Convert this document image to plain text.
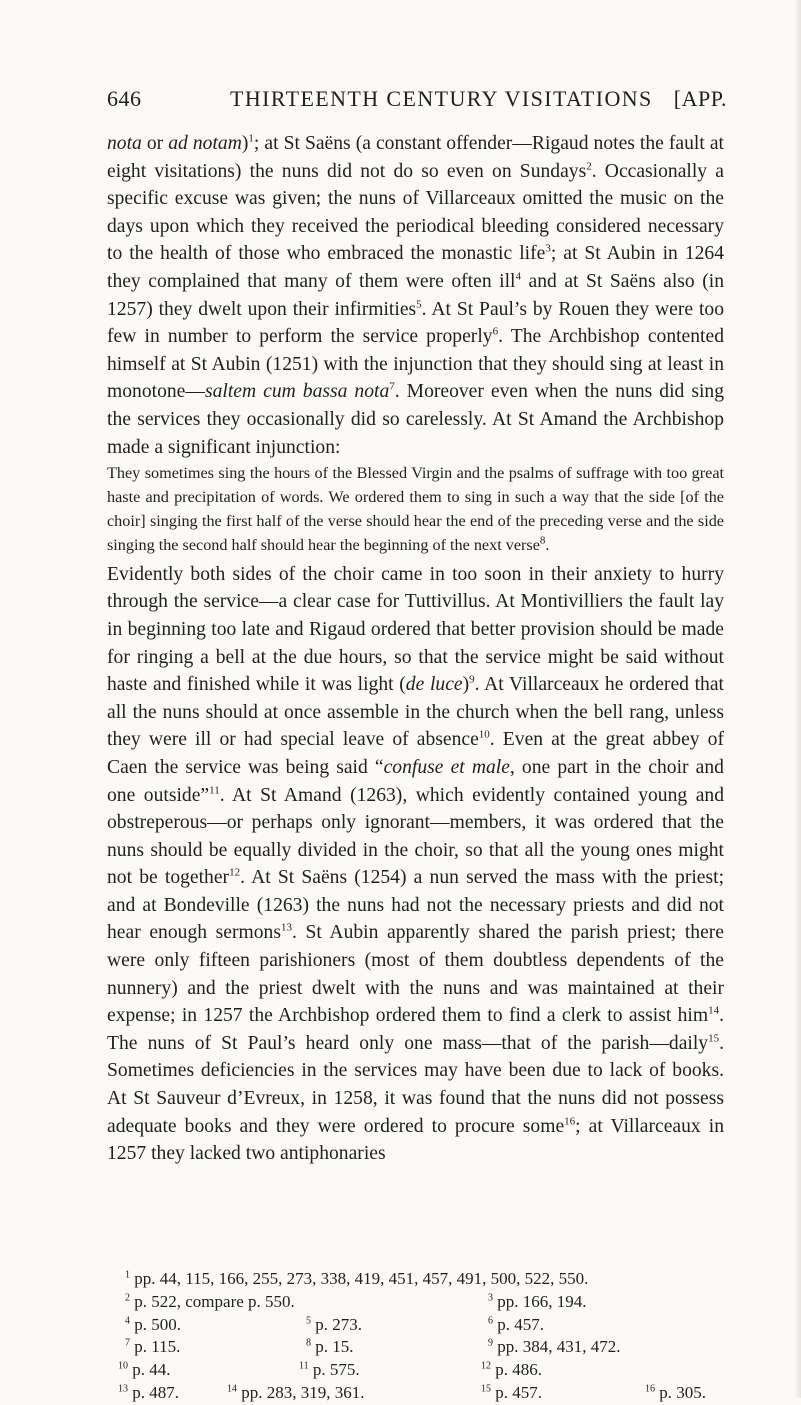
646	THIRTEENTH CENTURY VISITATIONS [APP.

nota or ad notam)$^1$; at St Saëns (a constant offender—Rigaud notes the fault at eight visitations) the nuns did not do so even on Sundays$^2$. Occasionally a specific excuse was given; the nuns of Villarceaux omitted the music on the days upon which they received the periodical bleeding considered necessary to the health of those who embraced the monastic life$^3$; at St Aubin in 1264 they complained that many of them were often ill$^4$ and at St Saëns also (in 1257) they dwelt upon their infirmities$^5$. At St Paul’s by Rouen they were too few in number to perform the service properly$^6$. The Archbishop contented himself at St Aubin (1251) with the injunction that they should sing at least in monotone—saltem cum bassa nota$^7$. Moreover even when the nuns did sing the services they occasionally did so carelessly. At St Amand the Archbishop made a significant injunction:

They sometimes sing the hours of the Blessed Virgin and the psalms of suffrage with too great haste and precipitation of words. We ordered them to sing in such a way that the side [of the choir] singing the first half of the verse should hear the end of the preceding verse and the side singing the second half should hear the beginning of the next verse$^8$.

Evidently both sides of the choir came in too soon in their anxiety to hurry through the service—a clear case for Tuttivillus. At Montivilliers the fault lay in beginning too late and Rigaud ordered that better provision should be made for ringing a bell at the due hours, so that the service might be said without haste and finished while it was light (de luce)$^9$. At Villarceaux he ordered that all the nuns should at once assemble in the church when the bell rang, unless they were ill or had special leave of absence$^{10}$. Even at the great abbey of Caen the service was being said “confuse et male, one part in the choir and one outside”$^{11}$. At St Amand (1263), which evidently contained young and obstreperous—or perhaps only ignorant—members, it was ordered that the nuns should be equally divided in the choir, so that all the young ones might not be together$^{12}$. At St Saëns (1254) a nun served the mass with the priest; and at Bondeville (1263) the nuns had not the necessary priests and did not hear enough sermons$^{13}$. St Aubin apparently shared the parish priest; there were only fifteen parishioners (most of them doubtless dependents of the nunnery) and the priest dwelt with the nuns and was maintained at their expense; in 1257 the Archbishop ordered them to find a clerk to assist him$^{14}$. The nuns of St Paul’s heard only one mass—that of the parish—daily$^{15}$. Sometimes deficiencies in the services may have been due to lack of books. At St Sauveur d’Evreux, in 1258, it was found that the nuns did not possess adequate books and they were ordered to procure some$^{16}$; at Villarceaux in 1257 they lacked two antiphonaries

$^1$ pp. 44, 115, 166, 255, 273, 338, 419, 451, 457, 491, 500, 522, 550.
$^2$ p. 522, compare p. 550.	$^3$ pp. 166, 194.
$^4$ p. 500.	$^5$ p. 273.	$^6$ p. 457.
$^7$ p. 115.	$^8$ p. 15.	$^9$ pp. 384, 431, 472.
$^{10}$ p. 44.	$^{11}$ p. 575.	$^{12}$ p. 486.
$^{13}$ p. 487.	$^{14}$ pp. 283, 319, 361.	$^{15}$ p. 457.	$^{16}$ p. 305.
